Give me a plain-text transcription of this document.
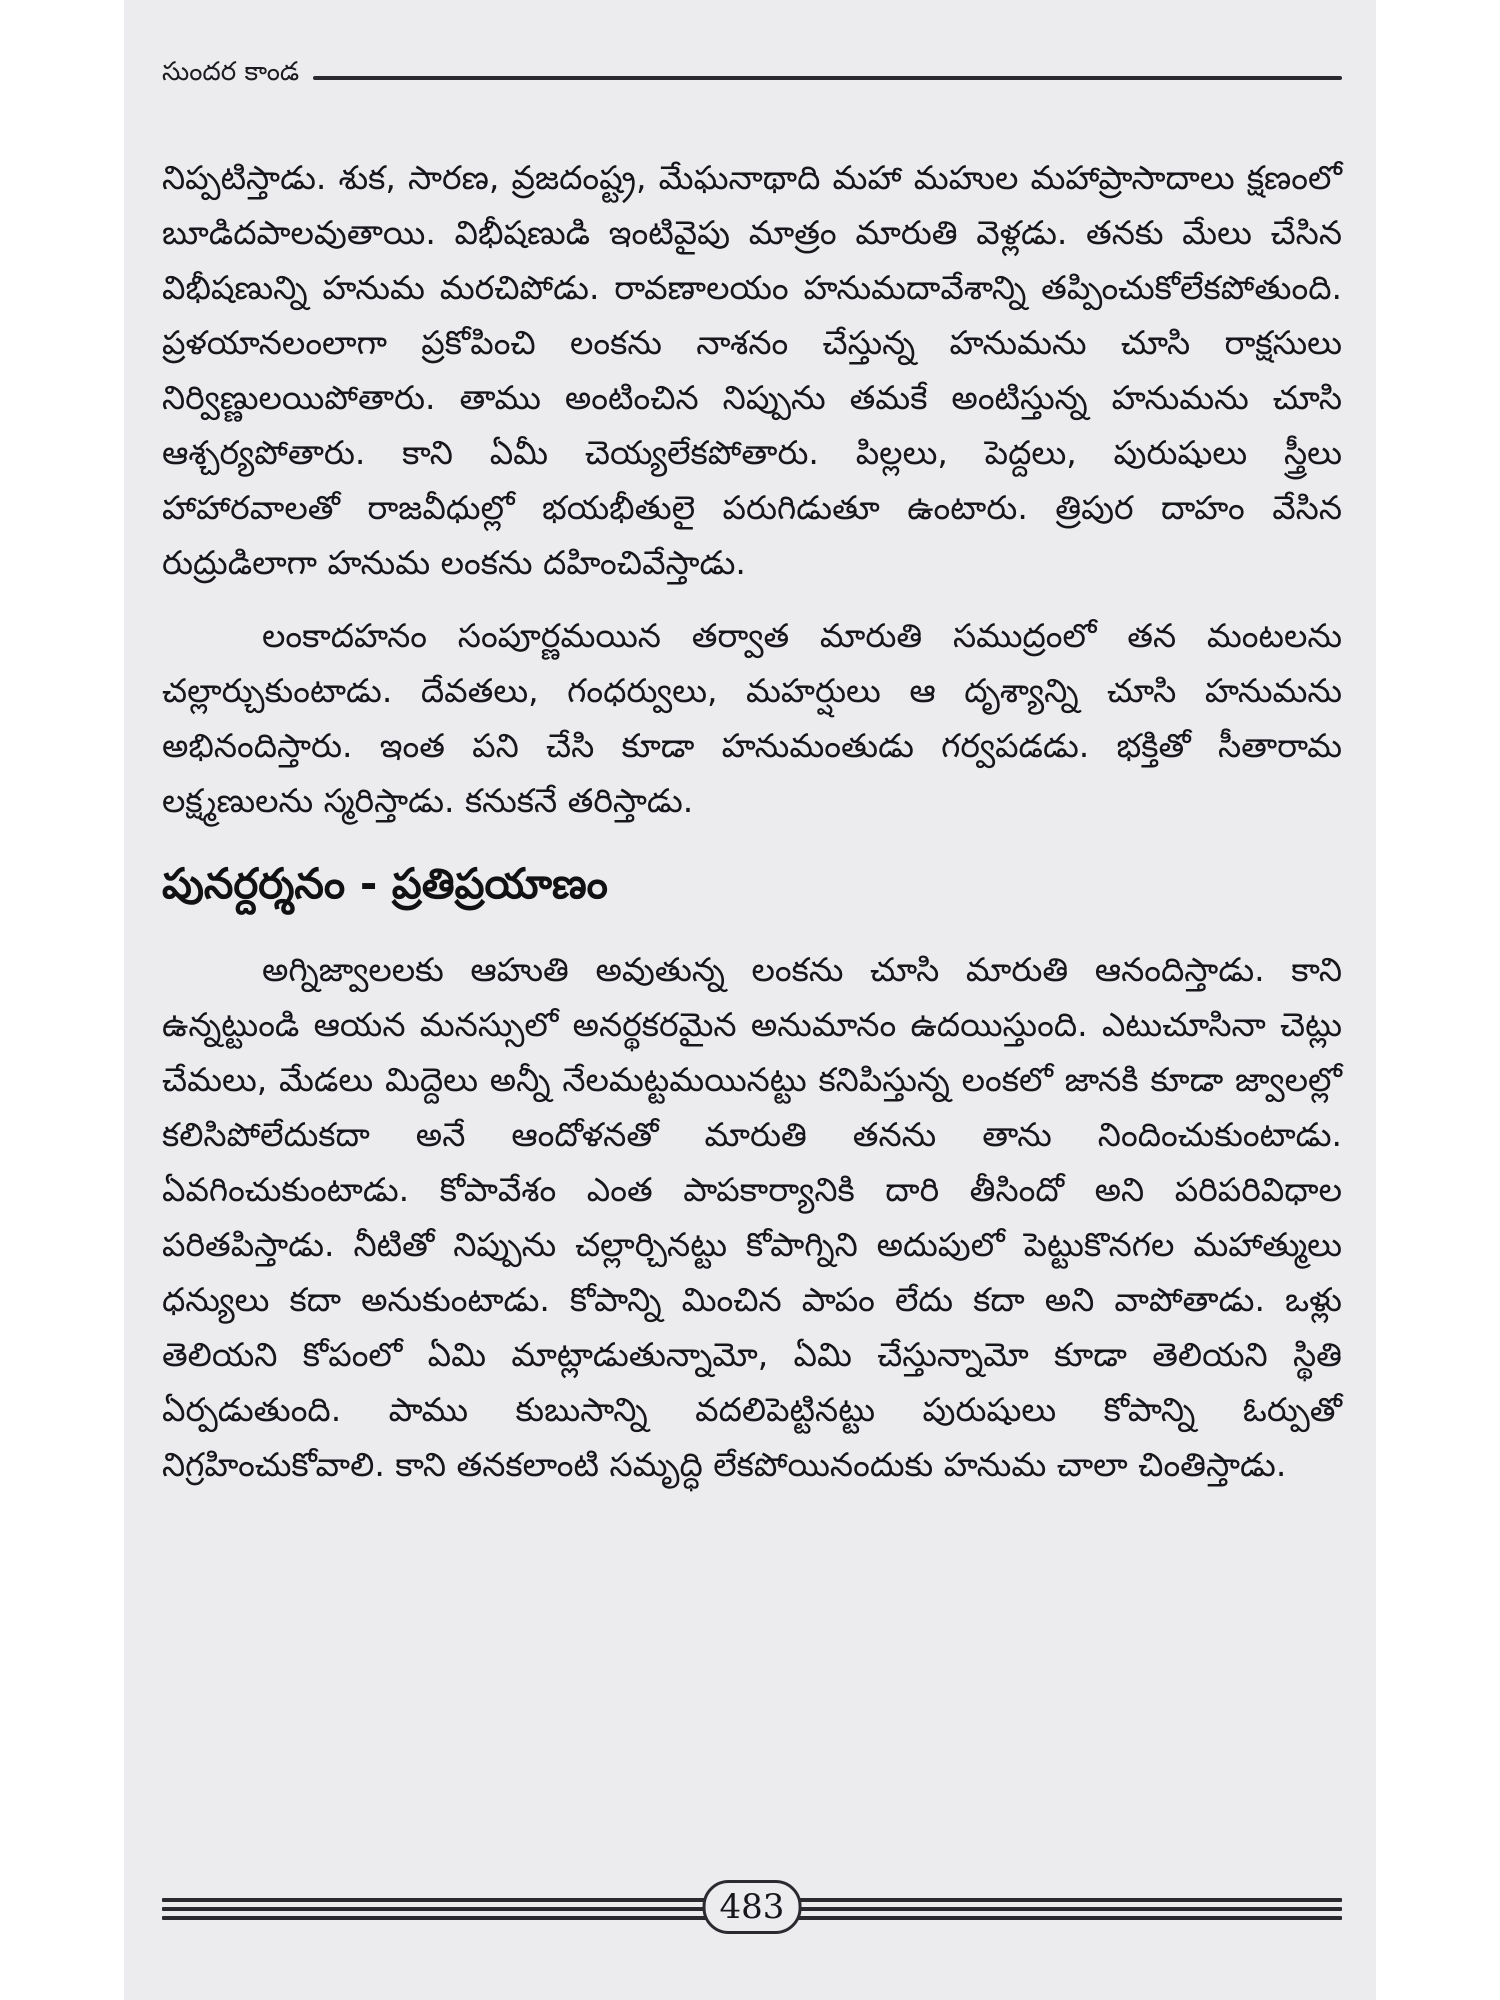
సుందర కాండ

నిప్పటిస్తాడు. శుక, సారణ, వ్రజదంష్ట్ర, మేఘనాథాది మహా మహుల మహాప్రాసాదాలు క్షణంలో బూడిదపాలవుతాయి. విభీషణుడి ఇంటివైపు మాత్రం మారుతి వెళ్లడు. తనకు మేలు చేసిన విభీషణున్ని హనుమ మరచిపోడు. రావణాలయం హనుమదావేశాన్ని తప్పించుకోలేకపోతుంది. ప్రళయానలంలాగా ప్రకోపించి లంకను నాశనం చేస్తున్న హనుమను చూసి రాక్షసులు నిర్విణ్ణులయిపోతారు. తాము అంటించిన నిప్పును తమకే అంటిస్తున్న హనుమను చూసి ఆశ్చర్యపోతారు. కాని ఏమీ చెయ్యలేకపోతారు. పిల్లలు, పెద్దలు, పురుషులు స్త్రీలు హాహారవాలతో రాజవీధుల్లో భయభీతులై పరుగిడుతూ ఉంటారు. త్రిపుర దాహం వేసిన రుద్రుడిలాగా హనుమ లంకను దహించివేస్తాడు.

లంకాదహనం సంపూర్ణమయిన తర్వాత మారుతి సముద్రంలో తన మంటలను చల్లార్చుకుంటాడు. దేవతలు, గంధర్వులు, మహర్షులు ఆ దృశ్యాన్ని చూసి హనుమను అభినందిస్తారు. ఇంత పని చేసి కూడా హనుమంతుడు గర్వపడడు. భక్తితో సీతారామ లక్ష్మణులను స్మరిస్తాడు. కనుకనే తరిస్తాడు.

పునర్దర్శనం - ప్రతిప్రయాణం

అగ్నిజ్వాలలకు ఆహుతి అవుతున్న లంకను చూసి మారుతి ఆనందిస్తాడు. కాని ఉన్నట్టుండి ఆయన మనస్సులో అనర్థకరమైన అనుమానం ఉదయిస్తుంది. ఎటుచూసినా చెట్లు చేమలు, మేడలు మిద్దెలు అన్నీ నేలమట్టమయినట్టు కనిపిస్తున్న లంకలో జానకి కూడా జ్వాలల్లో కలిసిపోలేదుకదా అనే ఆందోళనతో మారుతి తనను తాను నిందించుకుంటాడు. ఏవగించుకుంటాడు. కోపావేశం ఎంత పాపకార్యానికి దారి తీసిందో అని పరిపరివిధాల పరితపిస్తాడు. నీటితో నిప్పును చల్లార్చినట్టు కోపాగ్నిని అదుపులో పెట్టుకొనగల మహాత్ములు ధన్యులు కదా అనుకుంటాడు. కోపాన్ని మించిన పాపం లేదు కదా అని వాపోతాడు. ఒళ్లు తెలియని కోపంలో ఏమి మాట్లాడుతున్నామో, ఏమి చేస్తున్నామో కూడా తెలియని స్థితి ఏర్పడుతుంది. పాము కుబుసాన్ని వదలిపెట్టినట్టు పురుషులు కోపాన్ని ఓర్పుతో నిగ్రహించుకోవాలి. కాని తనకలాంటి సమృద్ధి లేకపోయినందుకు హనుమ చాలా చింతిస్తాడు.

483
